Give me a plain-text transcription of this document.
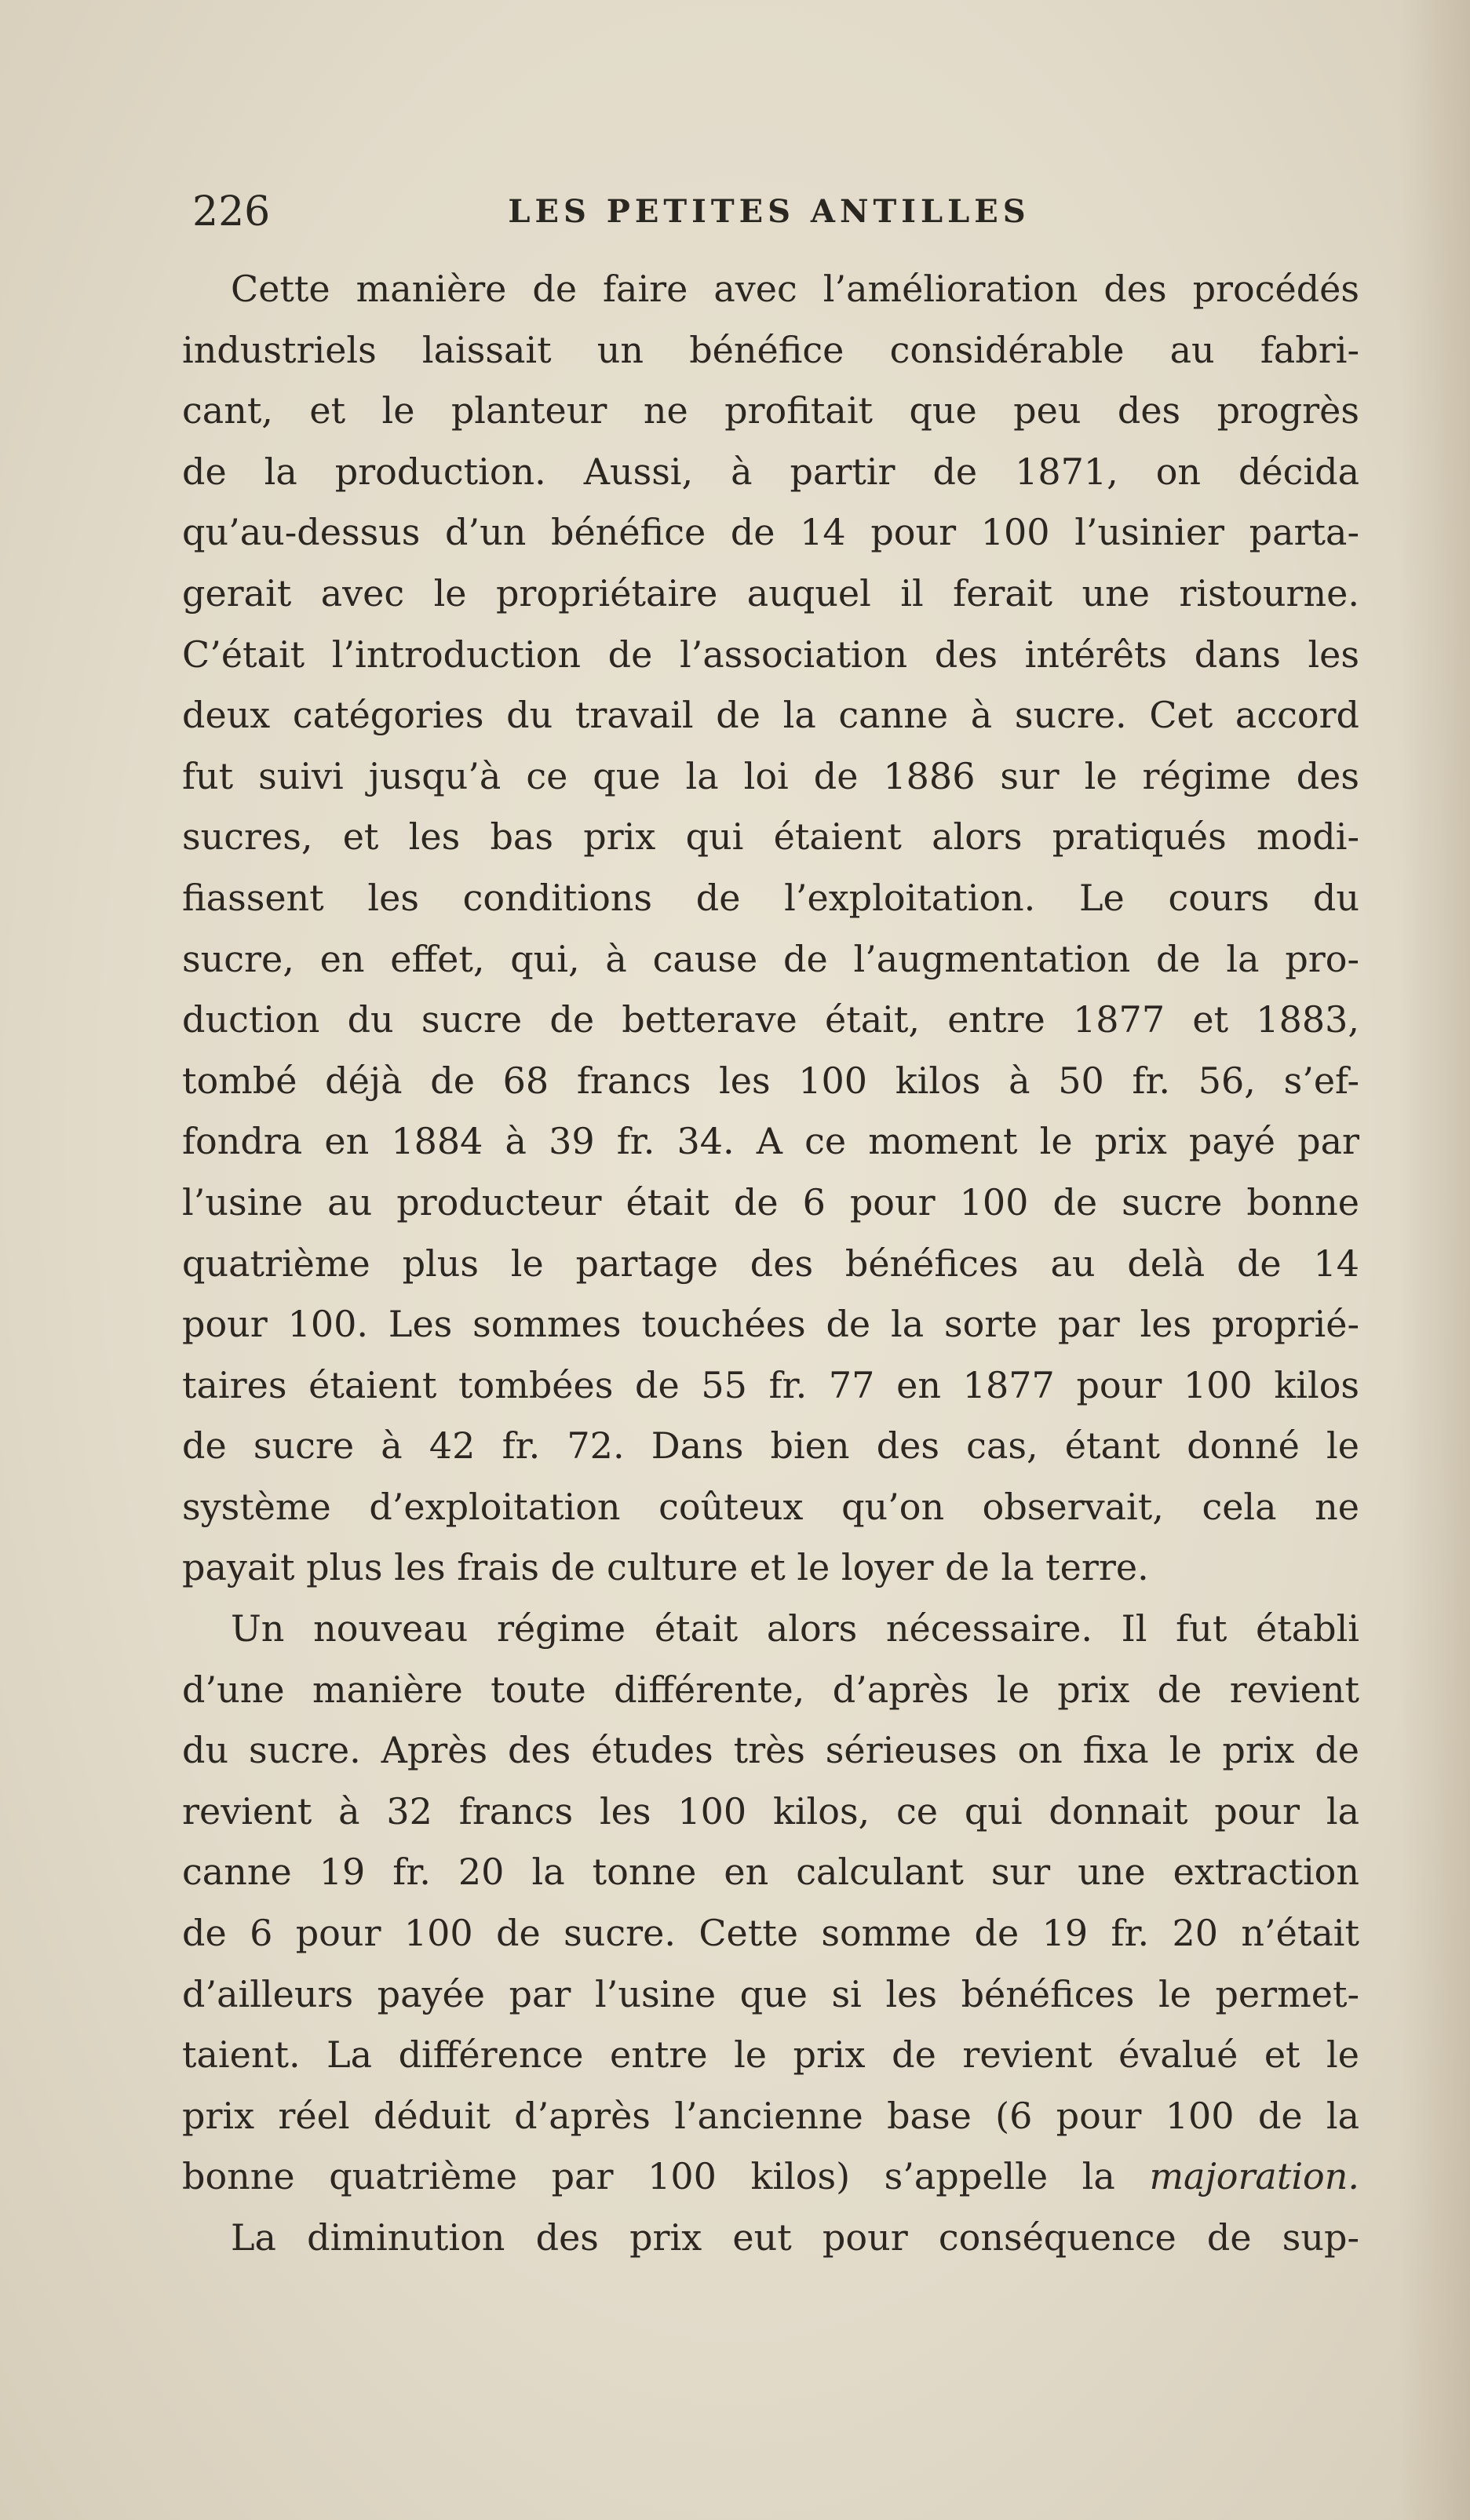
226	LES PETITES ANTILLES
Cette manière de faire avec l’amélioration des procédés
industriels laissait un bénéfice considérable au fabri-
cant, et le planteur ne profitait que peu des progrès
de la production. Aussi, à partir de 1871, on décida
qu’au-dessus d’un bénéfice de 14 pour 100 l’usinier parta-
gerait avec le propriétaire auquel il ferait une ristourne.
C’était l’introduction de l’association des intérêts dans les
deux catégories du travail de la canne à sucre. Cet accord
fut suivi jusqu’à ce que la loi de 1886 sur le régime des
sucres, et les bas prix qui étaient alors pratiqués modi-
fiassent les conditions de l’exploitation. Le cours du
sucre, en effet, qui, à cause de l’augmentation de la pro-
duction du sucre de betterave était, entre 1877 et 1883,
tombé déjà de 68 francs les 100 kilos à 50 fr. 56, s’ef-
fondra en 1884 à 39 fr. 34. A ce moment le prix payé par
l’usine au producteur était de 6 pour 100 de sucre bonne
quatrième plus le partage des bénéfices au delà de 14
pour 100. Les sommes touchées de la sorte par les proprié-
taires étaient tombées de 55 fr. 77 en 1877 pour 100 kilos
de sucre à 42 fr. 72. Dans bien des cas, étant donné le
système d’exploitation coûteux qu’on observait, cela ne
payait plus les frais de culture et le loyer de la terre.
Un nouveau régime était alors nécessaire. Il fut établi
d’une manière toute différente, d’après le prix de revient
du sucre. Après des études très sérieuses on fixa le prix de
revient à 32 francs les 100 kilos, ce qui donnait pour la
canne 19 fr. 20 la tonne en calculant sur une extraction
de 6 pour 100 de sucre. Cette somme de 19 fr. 20 n’était
d’ailleurs payée par l’usine que si les bénéfices le permet-
taient. La différence entre le prix de revient évalué et le
prix réel déduit d’après l’ancienne base (6 pour 100 de la
bonne quatrième par 100 kilos) s’appelle la majoration.
La diminution des prix eut pour conséquence de sup-
